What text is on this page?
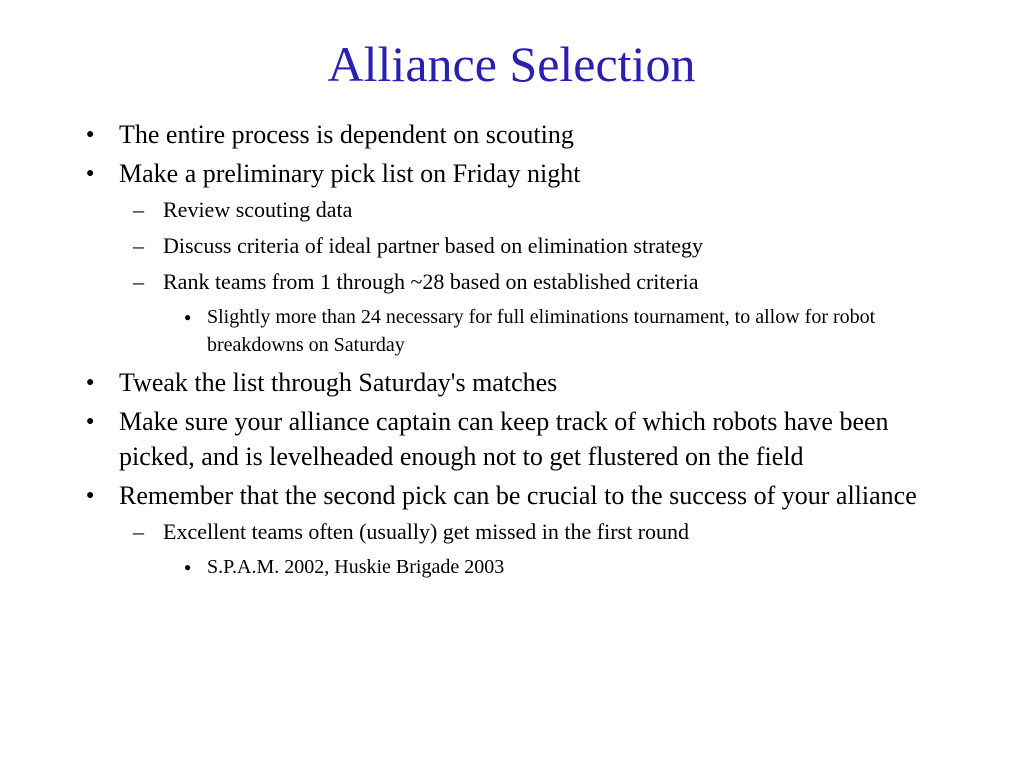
Alliance Selection
● The entire process is dependent on scouting
● Make a preliminary pick list on Friday night
– Review scouting data
– Discuss criteria of ideal partner based on elimination strategy
– Rank teams from 1 through ~28 based on established criteria
● Slightly more than 24 necessary for full eliminations tournament, to allow for robot breakdowns on Saturday
● Tweak the list through Saturday's matches
● Make sure your alliance captain can keep track of which robots have been picked, and is levelheaded enough not to get flustered on the field
● Remember that the second pick can be crucial to the success of your alliance
– Excellent teams often (usually) get missed in the first round
● S.P.A.M. 2002, Huskie Brigade 2003
